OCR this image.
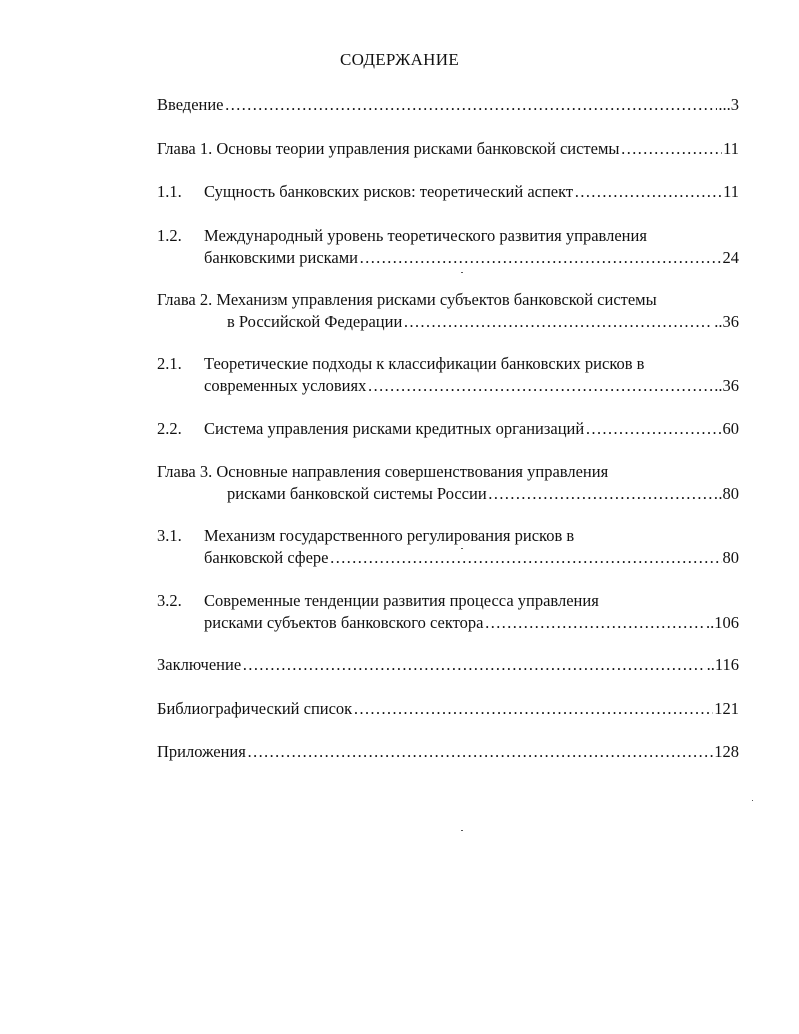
СОДЕРЖАНИЕ
Введение ………………………………………………………………………………………………………………………………………………………………	...3
Глава 1. Основы теории управления рисками банковской системы ………………………………………………………………………………………………………………………………………………………………	11
1.1.	Сущность банковских рисков: теоретический аспект ………………………………………………………………………………………………………………………………………………………………	11
1.2.	Международный уровень теоретического развития управления
банковскими рисками ………………………………………………………………………………………………………………………………………………………………	24
Глава 2. Механизм управления рисками субъектов банковской системы
в Российской Федерации ………………………………………………………………………………………………………………………………………………………………	..36
2.1.	Теоретические подходы к классификации банковских рисков в
современных условиях ………………………………………………………………………………………………………………………………………………………………	..36
2.2.	Система управления рисками кредитных организаций ………………………………………………………………………………………………………………………………………………………………	60
Глава 3. Основные направления совершенствования управления
рисками банковской системы России ………………………………………………………………………………………………………………………………………………………………	.80
3.1.	Механизм государственного регулирования рисков в
банковской сфере ………………………………………………………………………………………………………………………………………………………………	80
3.2.	Современные тенденции развития процесса управления
рисками субъектов банковского сектора ………………………………………………………………………………………………………………………………………………………………	..106
Заключение ………………………………………………………………………………………………………………………………………………………………	..116
Библиографический список ………………………………………………………………………………………………………………………………………………………………	121
Приложения ………………………………………………………………………………………………………………………………………………………………	128
